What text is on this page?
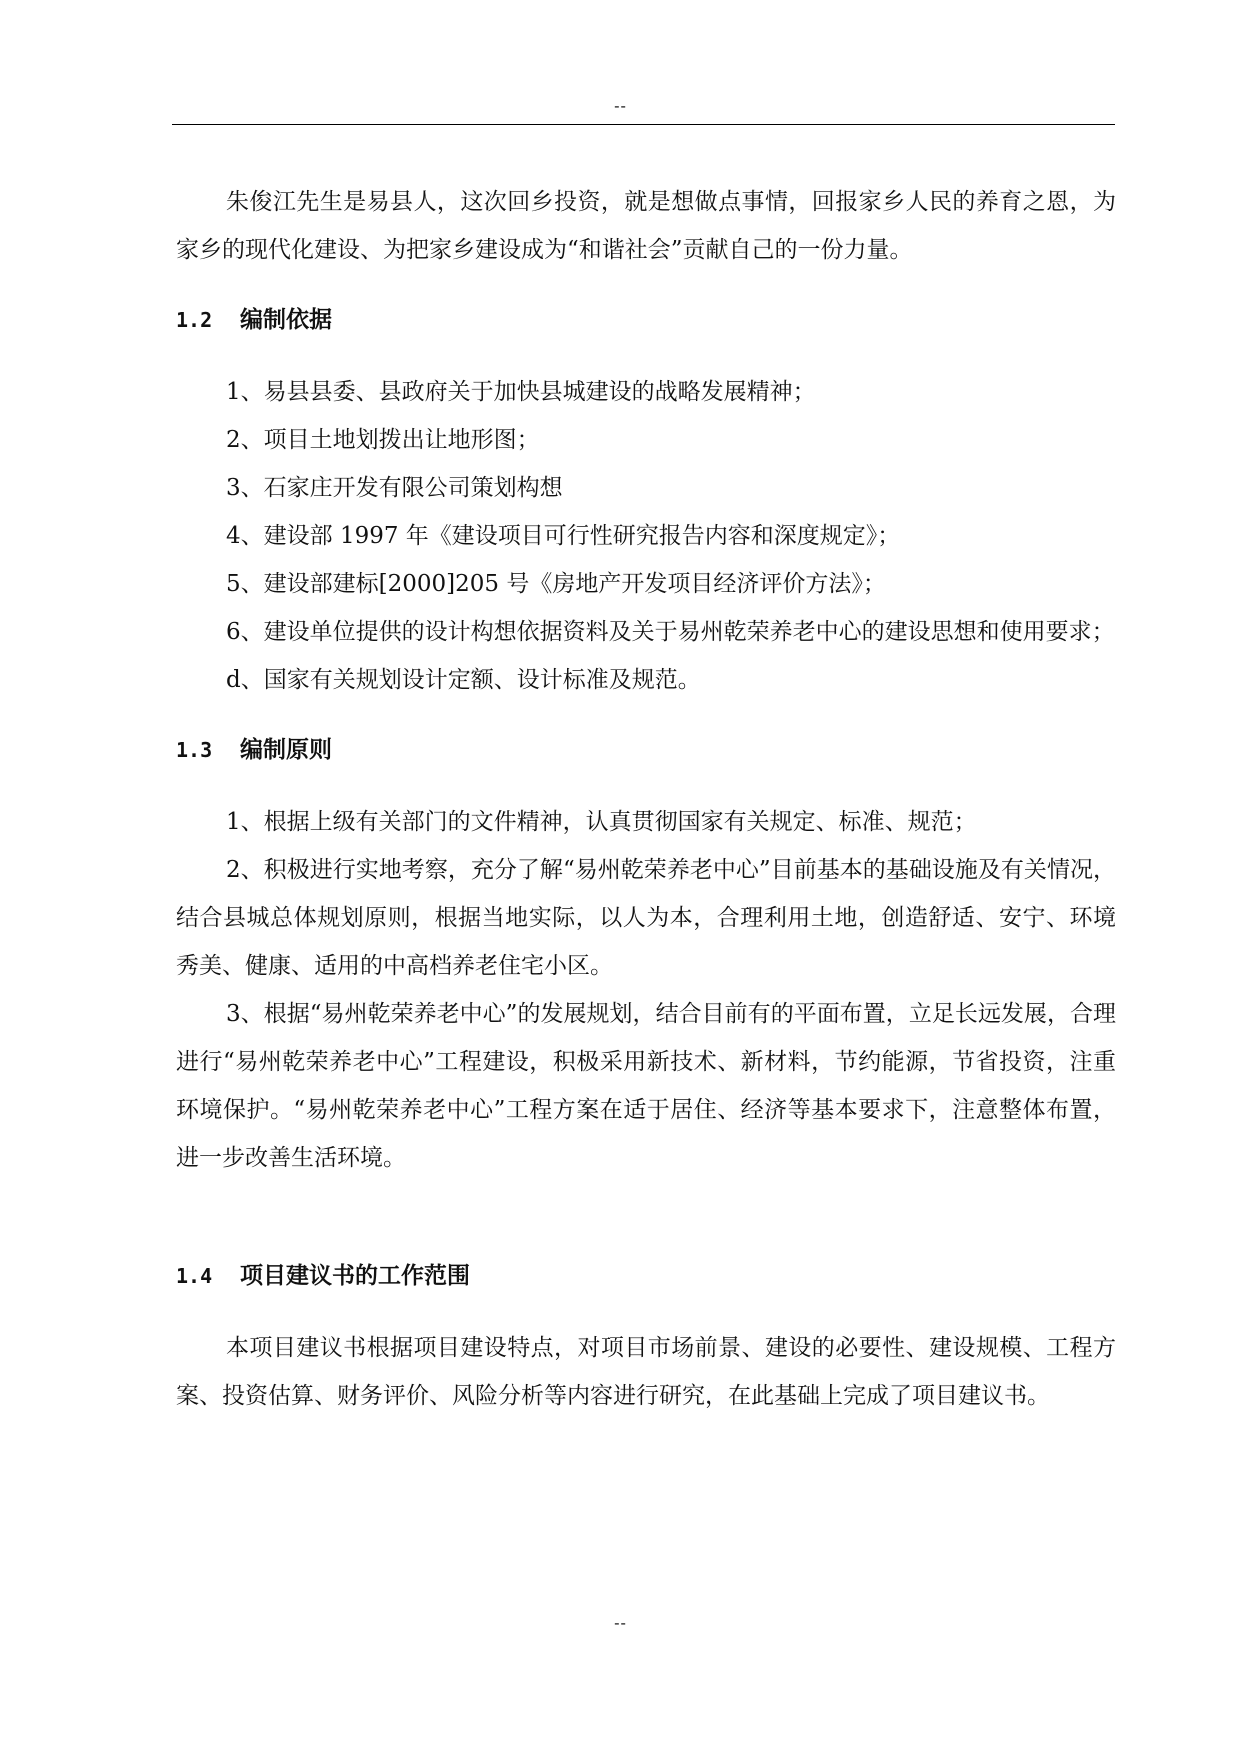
--

朱俊江先生是易县人，这次回乡投资，就是想做点事情，回报家乡人民的养育之恩，为家乡的现代化建设、为把家乡建设成为“和谐社会”贡献自己的一份力量。

1.2 编制依据

1、易县县委、县政府关于加快县城建设的战略发展精神；

2、项目土地划拨出让地形图；

3、石家庄开发有限公司策划构想

4、建设部 1997 年《建设项目可行性研究报告内容和深度规定》；

5、建设部建标[2000]205 号《房地产开发项目经济评价方法》；

6、建设单位提供的设计构想依据资料及关于易州乾荣养老中心的建设思想和使用要求；

d、国家有关规划设计定额、设计标准及规范。

1.3 编制原则

1、根据上级有关部门的文件精神，认真贯彻国家有关规定、标准、规范；

2、积极进行实地考察，充分了解“易州乾荣养老中心”目前基本的基础设施及有关情况，结合县城总体规划原则，根据当地实际，以人为本，合理利用土地，创造舒适、安宁、环境秀美、健康、适用的中高档养老住宅小区。

3、根据“易州乾荣养老中心”的发展规划，结合目前有的平面布置，立足长远发展，合理进行“易州乾荣养老中心”工程建设，积极采用新技术、新材料，节约能源，节省投资，注重环境保护。“易州乾荣养老中心”工程方案在适于居住、经济等基本要求下，注意整体布置，进一步改善生活环境。

1.4 项目建议书的工作范围

本项目建议书根据项目建设特点，对项目市场前景、建设的必要性、建设规模、工程方案、投资估算、财务评价、风险分析等内容进行研究，在此基础上完成了项目建议书。

--
